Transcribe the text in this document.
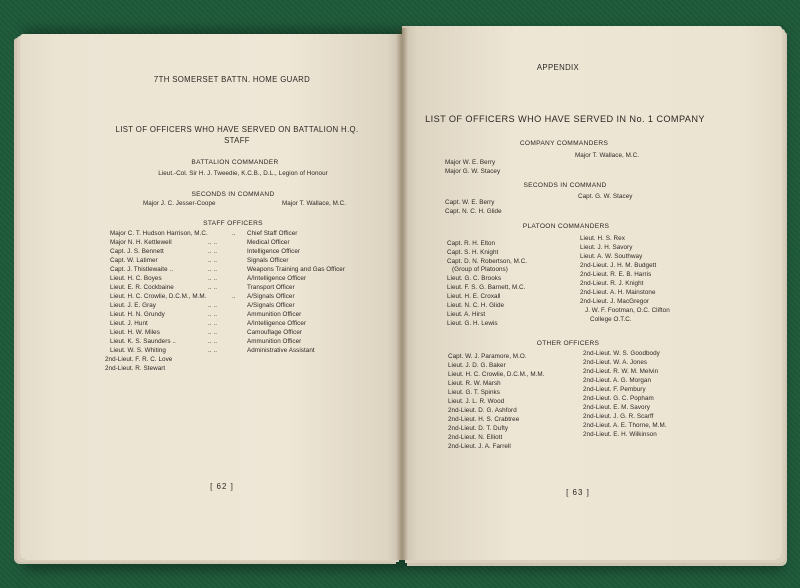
7TH SOMERSET BATTN. HOME GUARD
LIST OF OFFICERS WHO HAVE SERVED ON BATTALION H.Q.
STAFF
BATTALION COMMANDER
Lieut.-Col. Sir H. J. Tweedie, K.C.B., D.L., Legion of Honour
SECONDS IN COMMAND
Major J. C. Jesser-Coope	Major T. Wallace, M.C.
STAFF OFFICERS
Major C. T. Hudson Harrison, M.C.	.. Chief Staff Officer
Major N. H. Kettlewell	.. ..	Medical Officer
Capt. J. S. Bennett	.. ..	Intelligence Officer
Capt. W. Latimer	.. ..	Signals Officer
Capt. J. Thistlewaite ..	.. ..	Weapons Training and Gas Officer
Lieut. H. C. Boyes	.. ..	A/Intelligence Officer
Lieut. E. R. Cockbaine	.. ..	Transport Officer
Lieut. H. C. Crowlie, D.C.M., M.M.	.. A/Signals Officer
Lieut. J. E. Gray	.. ..	A/Signals Officer
Lieut. H. N. Grundy	.. ..	Ammunition Officer
Lieut. J. Hunt	.. ..	A/Intelligence Officer
Lieut. H. W. Miles	.. ..	Camouflage Officer
Lieut. K. S. Saunders ..	.. ..	Ammunition Officer
Lieut. W. S. Whiting	.. ..	Administrative Assistant
2nd-Lieut. F. R. C. Love
2nd-Lieut. R. Stewart
[ 62 ]
APPENDIX
LIST OF OFFICERS WHO HAVE SERVED IN No. 1 COMPANY
COMPANY COMMANDERS
Major W. E. Berry
Major G. W. Stacey
Major T. Wallace, M.C.
SECONDS IN COMMAND
Capt. W. E. Berry
Capt. N. C. H. Glide
Capt. G. W. Stacey
PLATOON COMMANDERS
Capt. R. H. Elton
Capt. S. H. Knight
Capt. D. N. Robertson, M.C.
(Group of Platoons)
Lieut. G. C. Brooks
Lieut. F. S. G. Barnett, M.C.
Lieut. H. E. Croxall
Lieut. N. C. H. Glide
Lieut. A. Hirst
Lieut. G. H. Lewis
Lieut. H. S. Rex
Lieut. J. H. Savory
Lieut. A. W. Southway
2nd-Lieut. J. H. M. Budgett
2nd-Lieut. R. E. B. Harris
2nd-Lieut. R. J. Knight
2nd-Lieut. A. H. Mainstone
2nd-Lieut. J. MacGregor
J. W. F. Footman, O.C. Clifton
College O.T.C.
OTHER OFFICERS
Capt. W. J. Paramore, M.O.
Lieut. J. D. G. Baker
Lieut. H. C. Crowlie, D.C.M., M.M.
Lieut. R. W. Marsh
Lieut. G. T. Spinks
Lieut. J. L. R. Wood
2nd-Lieut. D. G. Ashford
2nd-Lieut. H. S. Crabtree
2nd-Lieut. D. T. Dufty
2nd-Lieut. N. Elliott
2nd-Lieut. J. A. Farrell
2nd-Lieut. W. S. Goodbody
2nd-Lieut. W. A. Jones
2nd-Lieut. R. W. M. Melvin
2nd-Lieut. A. G. Morgan
2nd-Lieut. F. Pembury
2nd-Lieut. G. C. Popham
2nd-Lieut. E. M. Savory
2nd-Lieut. J. G. R. Scarff
2nd-Lieut. A. E. Thorne, M.M.
2nd-Lieut. E. H. Wilkinson
[ 63 ]
